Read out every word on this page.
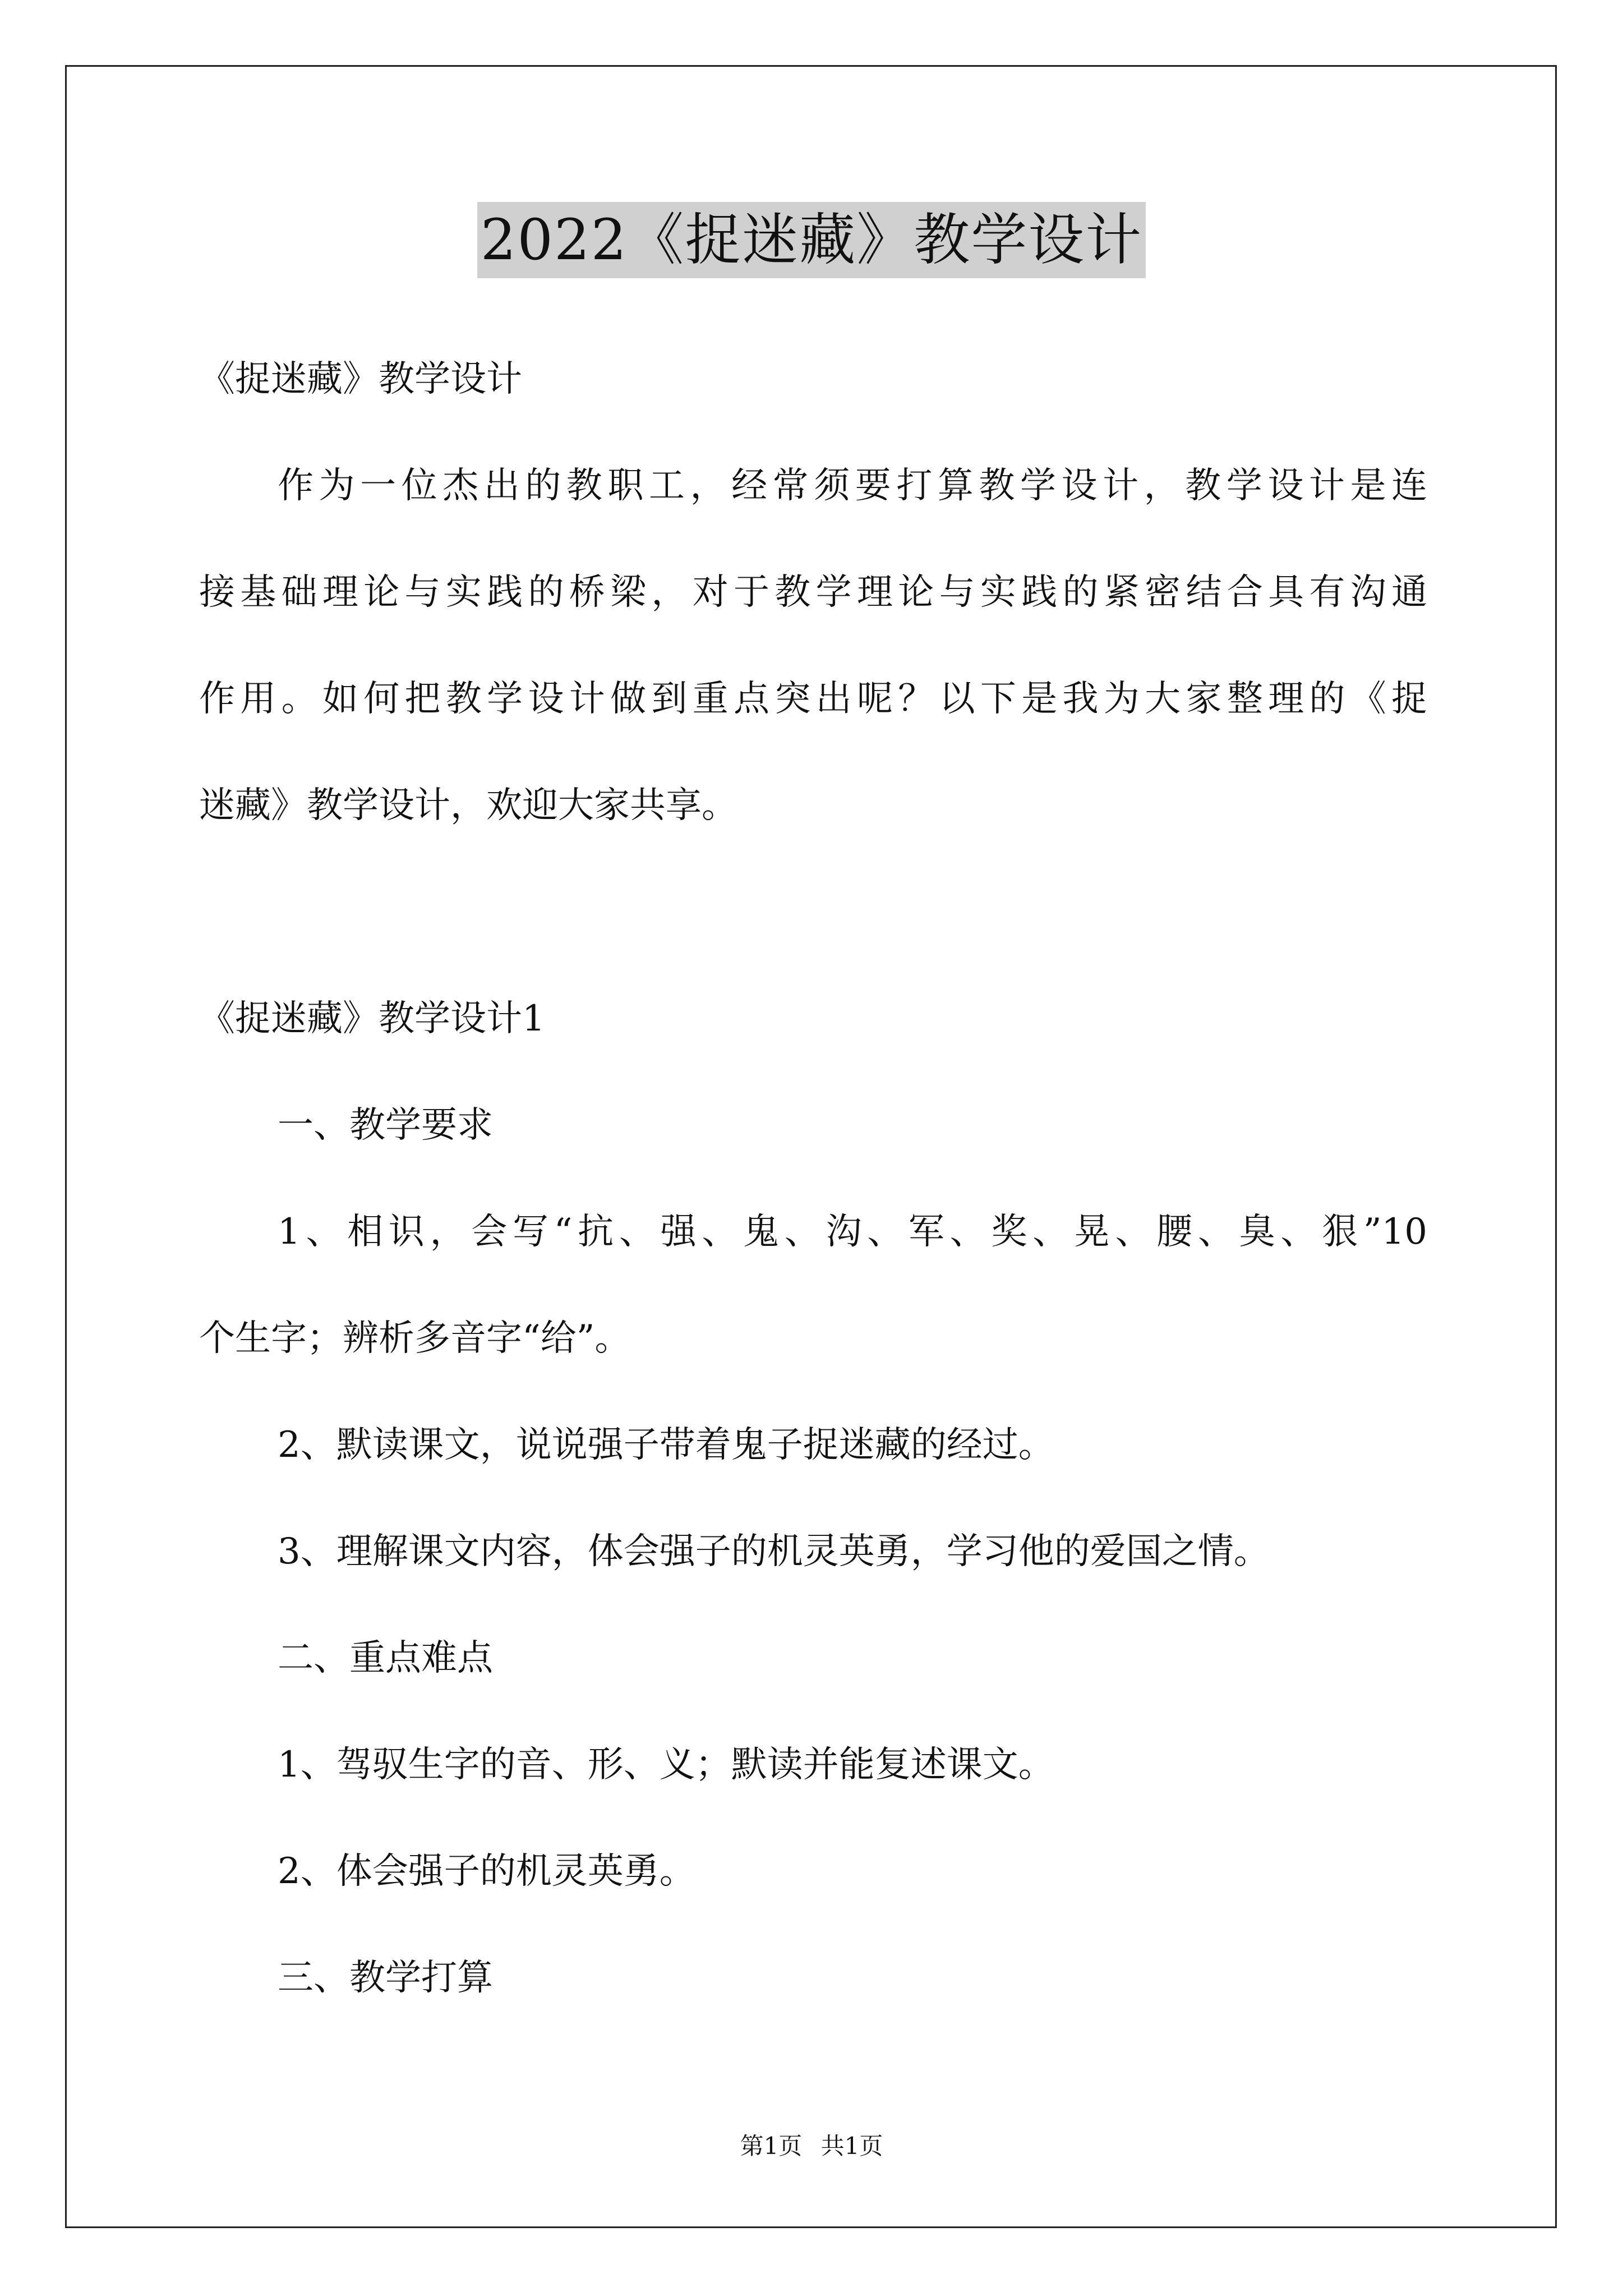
2022《捉迷藏》教学设计
《捉迷藏》教学设计
作为一位杰出的教职工，经常须要打算教学设计，教学设计是连
接基础理论与实践的桥梁，对于教学理论与实践的紧密结合具有沟通
作用。如何把教学设计做到重点突出呢？以下是我为大家整理的《捉
迷藏》教学设计，欢迎大家共享。
《捉迷藏》教学设计1
一、教学要求
1、相识，会写“抗、强、鬼、沟、军、奖、晃、腰、臭、狠”10
个生字；辨析多音字“给”。
2、默读课文，说说强子带着鬼子捉迷藏的经过。
3、理解课文内容，体会强子的机灵英勇，学习他的爱国之情。
二、重点难点
1、驾驭生字的音、形、义；默读并能复述课文。
2、体会强子的机灵英勇。
三、教学打算
第1页 共1页
